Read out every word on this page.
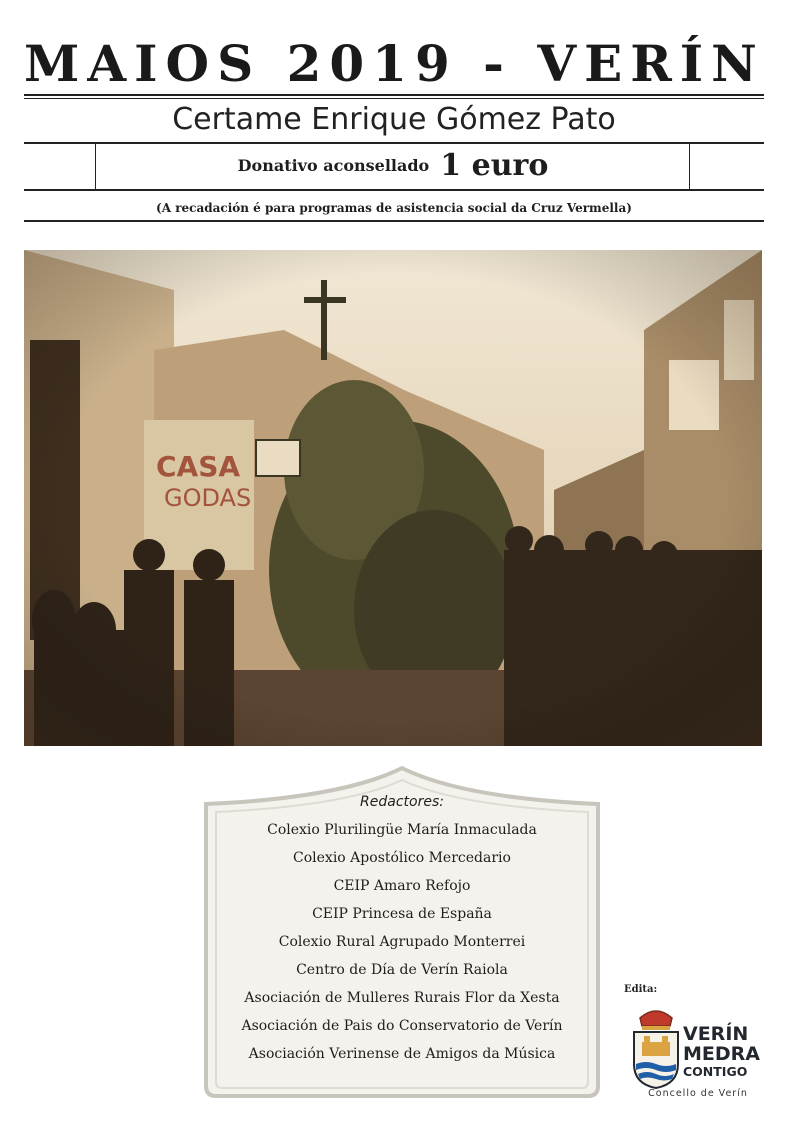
MAIOS 2019 - VERÍN
Certame Enrique Gómez Pato
Donativo aconsellado 1 euro
(A recadación é para programas de asistencia social da Cruz Vermella)
Redactores:
Colexio Plurilingüe María Inmaculada
Colexio Apostólico Mercedario
CEIP Amaro Refojo
CEIP Princesa de España
Colexio Rural Agrupado Monterrei
Centro de Día de Verín Raiola
Asociación de Mulleres Rurais Flor da Xesta
Asociación de Pais do Conservatorio de Verín
Asociación Verinense de Amigos da Música
Edita:
VERÍN
MEDRA
CONTIGO
Concello de Verín
